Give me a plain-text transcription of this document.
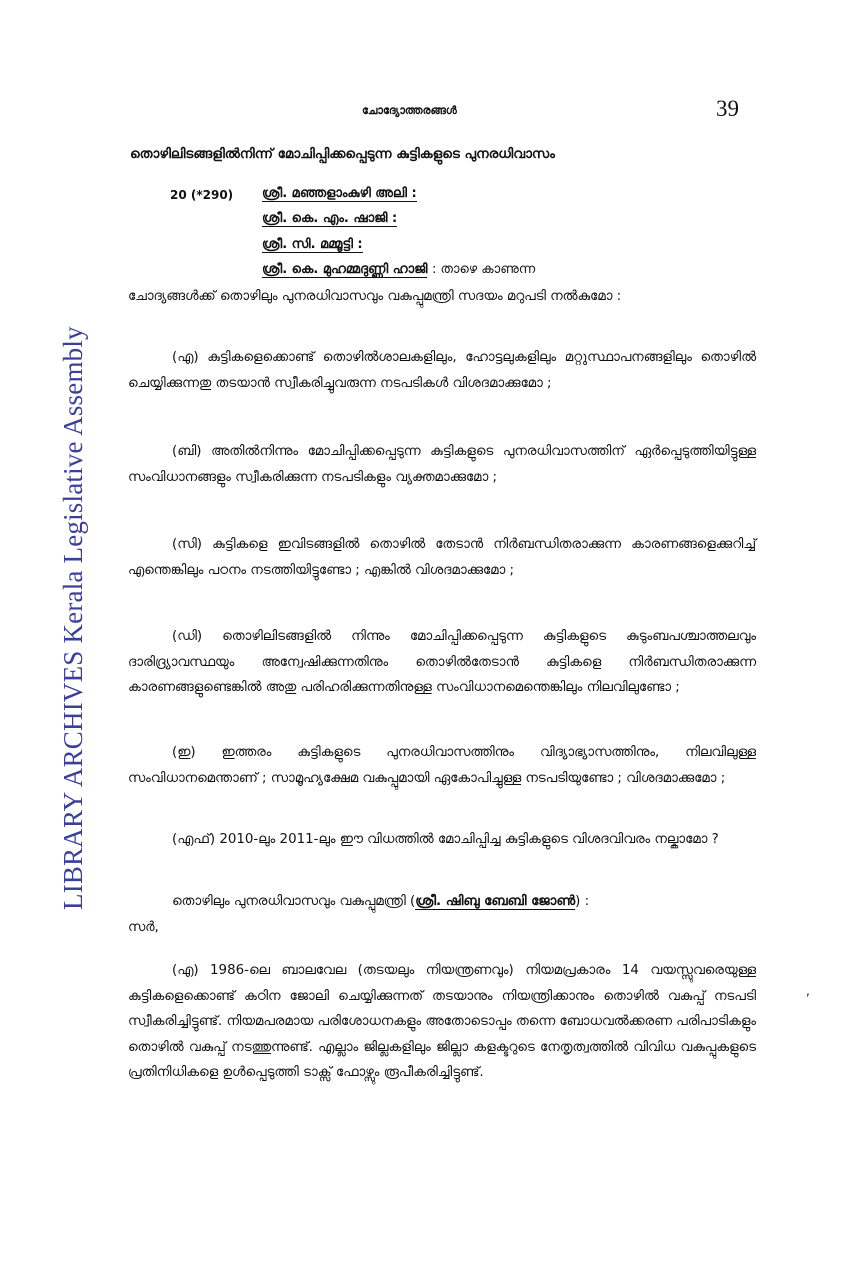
LIBRARY ARCHIVES Kerala Legislative Assembly
ചോദ്യോത്തരങ്ങൾ	39
തൊഴിലിടങ്ങളിൽനിന്ന് മോചിപ്പിക്കപ്പെടുന്ന കുട്ടികളുടെ പുനരധിവാസം
20 (*290) ശ്രീ. മഞ്ഞളാംകുഴി അലി :
ശ്രീ. കെ. എം. ഷാജി :
ശ്രീ. സി. മമ്മൂട്ടി :
ശ്രീ. കെ. മുഹമ്മദുണ്ണി ഹാജി : താഴെ കാണുന്ന

ചോദ്യങ്ങൾക്ക് തൊഴിലും പുനരധിവാസവും വകുപ്പുമന്ത്രി സദയം മറുപടി നൽകുമോ :

(എ) കുട്ടികളെക്കൊണ്ട് തൊഴിൽശാലകളിലും, ഹോട്ടലുകളിലും മറ്റുസ്ഥാപനങ്ങളിലും തൊഴിൽ ചെയ്യിക്കുന്നതു തടയാൻ സ്വീകരിച്ചുവരുന്ന നടപടികൾ വിശദമാക്കുമോ ;

(ബി) അതിൽനിന്നും മോചിപ്പിക്കപ്പെടുന്ന കുട്ടികളുടെ പുനരധിവാസത്തിന് ഏർപ്പെടുത്തിയിട്ടുള്ള സംവിധാനങ്ങളും സ്വീകരിക്കുന്ന നടപടികളും വ്യക്തമാക്കുമോ ;

(സി) കുട്ടികളെ ഇവിടങ്ങളിൽ തൊഴിൽ തേടാൻ നിർബന്ധിതരാക്കുന്ന കാരണങ്ങളെക്കുറിച്ച് എന്തെങ്കിലും പഠനം നടത്തിയിട്ടുണ്ടോ ; എങ്കിൽ വിശദമാക്കുമോ ;

(ഡി) തൊഴിലിടങ്ങളിൽ നിന്നും മോചിപ്പിക്കപ്പെടുന്ന കുട്ടികളുടെ കുടുംബപശ്ചാത്തലവും ദാരിദ്ര്യാവസ്ഥയും അന്വേഷിക്കുന്നതിനും തൊഴിൽതേടാൻ കുട്ടികളെ നിർബന്ധിതരാക്കുന്ന കാരണങ്ങളുണ്ടെങ്കിൽ അതു പരിഹരിക്കുന്നതിനുള്ള സംവിധാനമെന്തെങ്കിലും നിലവിലുണ്ടോ ;

(ഇ) ഇത്തരം കുട്ടികളുടെ പുനരധിവാസത്തിനും വിദ്യാഭ്യാസത്തിനും, നിലവിലുള്ള സംവിധാനമെന്താണ് ; സാമൂഹ്യക്ഷേമ വകുപ്പുമായി ഏകോപിച്ചുള്ള നടപടിയുണ്ടോ ; വിശദമാക്കുമോ ;

(എഫ്) 2010-ലും 2011-ലും ഈ വിധത്തിൽ മോചിപ്പിച്ച കുട്ടികളുടെ വിശദവിവരം നല്കാമോ ?

തൊഴിലും പുനരധിവാസവും വകുപ്പുമന്ത്രി (ശ്രീ. ഷിബു ബേബി ജോൺ) :

സർ,

(എ) 1986-ലെ ബാലവേല (തടയലും നിയന്ത്രണവും) നിയമപ്രകാരം 14 വയസ്സുവരെയുള്ള കുട്ടികളെക്കൊണ്ട് കഠിന ജോലി ചെയ്യിക്കുന്നത് തടയാനും നിയന്ത്രിക്കാനും തൊഴിൽ വകുപ്പ് നടപടി സ്വീകരിച്ചിട്ടുണ്ട്. നിയമപരമായ പരിശോധനകളും അതോടൊപ്പം തന്നെ ബോധവൽക്കരണ പരിപാടികളും തൊഴിൽ വകുപ്പ് നടത്തുന്നുണ്ട്. എല്ലാം ജില്ലകളിലും ജില്ലാ കളക്ടറുടെ നേതൃത്വത്തിൽ വിവിധ വകുപ്പുകളുടെ പ്രതിനിധികളെ ഉൾപ്പെടുത്തി ടാക്സ് ഫോഴ്സും രൂപീകരിച്ചിട്ടുണ്ട്.

,
